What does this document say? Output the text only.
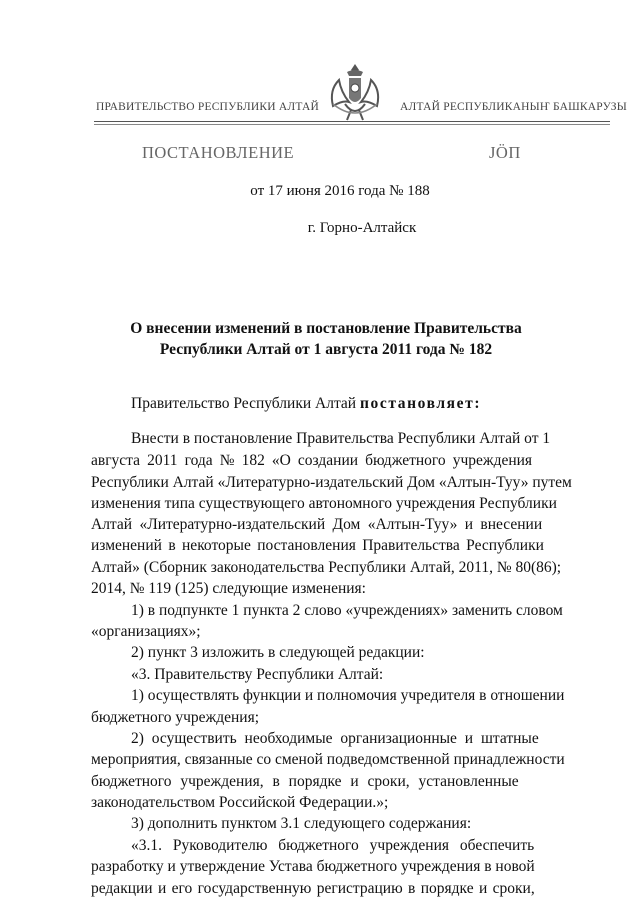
ПРАВИТЕЛЬСТВО РЕСПУБЛИКИ АЛТАЙ	АЛТАЙ РЕСПУБЛИКАНЫҤ БАШКАРУЗЫ
ПОСТАНОВЛЕНИЕ	JӦП
от 17 июня 2016 года № 188
г. Горно-Алтайск
О внесении изменений в постановление Правительства
Республики Алтай от 1 августа 2011 года № 182
Правительство Республики Алтай постановляет:
Внести в постановление Правительства Республики Алтай от 1
августа 2011 года № 182 «О создании бюджетного учреждения
Республики Алтай «Литературно-издательский Дом «Алтын-Туу» путем
изменения типа существующего автономного учреждения Республики
Алтай «Литературно-издательский Дом «Алтын-Туу» и внесении
изменений в некоторые постановления Правительства Республики
Алтай» (Сборник законодательства Республики Алтай, 2011, № 80(86);
2014, № 119 (125) следующие изменения:
1) в подпункте 1 пункта 2 слово «учреждениях» заменить словом
«организациях»;
2) пункт 3 изложить в следующей редакции:
«3. Правительству Республики Алтай:
1) осуществлять функции и полномочия учредителя в отношении
бюджетного учреждения;
2) осуществить необходимые организационные и штатные
мероприятия, связанные со сменой подведомственной принадлежности
бюджетного учреждения, в порядке и сроки, установленные
законодательством Российской Федерации.»;
3) дополнить пунктом 3.1 следующего содержания:
«3.1. Руководителю бюджетного учреждения обеспечить
разработку и утверждение Устава бюджетного учреждения в новой
редакции и его государственную регистрацию в порядке и сроки,
